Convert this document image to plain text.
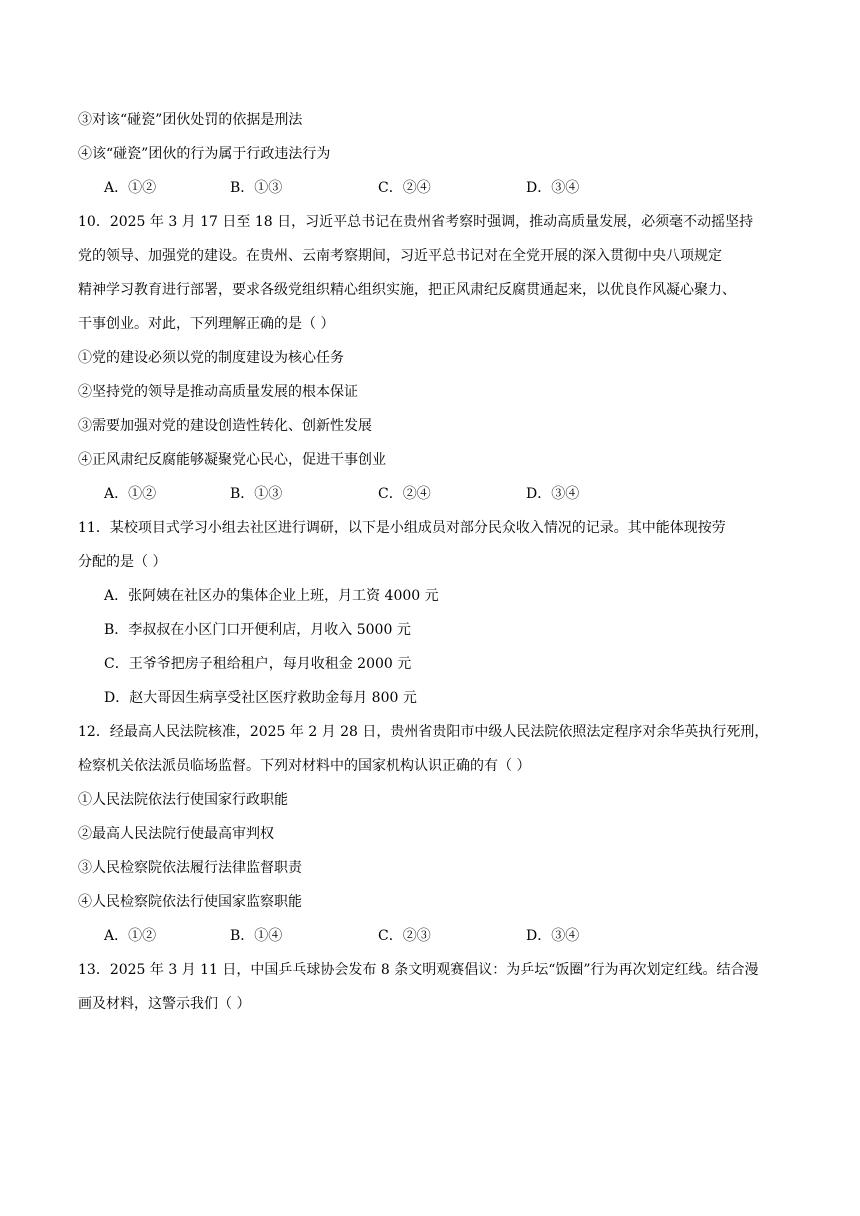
③对该“碰瓷”团伙处罚的依据是刑法
④该“碰瓷”团伙的行为属于行政违法行为
A．①②	B．①③	C．②④	D．③④
10．2025 年 3 月 17 日至 18 日，习近平总书记在贵州省考察时强调，推动高质量发展，必须毫不动摇坚持
党的领导、加强党的建设。在贵州、云南考察期间，习近平总书记对在全党开展的深入贯彻中央八项规定
精神学习教育进行部署，要求各级党组织精心组织实施，把正风肃纪反腐贯通起来，以优良作风凝心聚力、
干事创业。对此，下列理解正确的是（ ）
①党的建设必须以党的制度建设为核心任务
②坚持党的领导是推动高质量发展的根本保证
③需要加强对党的建设创造性转化、创新性发展
④正风肃纪反腐能够凝聚党心民心，促进干事创业
A．①②	B．①③	C．②④	D．③④
11．某校项目式学习小组去社区进行调研，以下是小组成员对部分民众收入情况的记录。其中能体现按劳
分配的是（ ）
A．张阿姨在社区办的集体企业上班，月工资 4000 元
B．李叔叔在小区门口开便利店，月收入 5000 元
C．王爷爷把房子租给租户，每月收租金 2000 元
D．赵大哥因生病享受社区医疗救助金每月 800 元
12．经最高人民法院核准，2025 年 2 月 28 日，贵州省贵阳市中级人民法院依照法定程序对余华英执行死刑，
检察机关依法派员临场监督。下列对材料中的国家机构认识正确的有（ ）
①人民法院依法行使国家行政职能
②最高人民法院行使最高审判权
③人民检察院依法履行法律监督职责
④人民检察院依法行使国家监察职能
A．①②	B．①④	C．②③	D．③④
13．2025 年 3 月 11 日，中国乒乓球协会发布 8 条文明观赛倡议：为乒坛“饭圈”行为再次划定红线。结合漫
画及材料，这警示我们（ ）
